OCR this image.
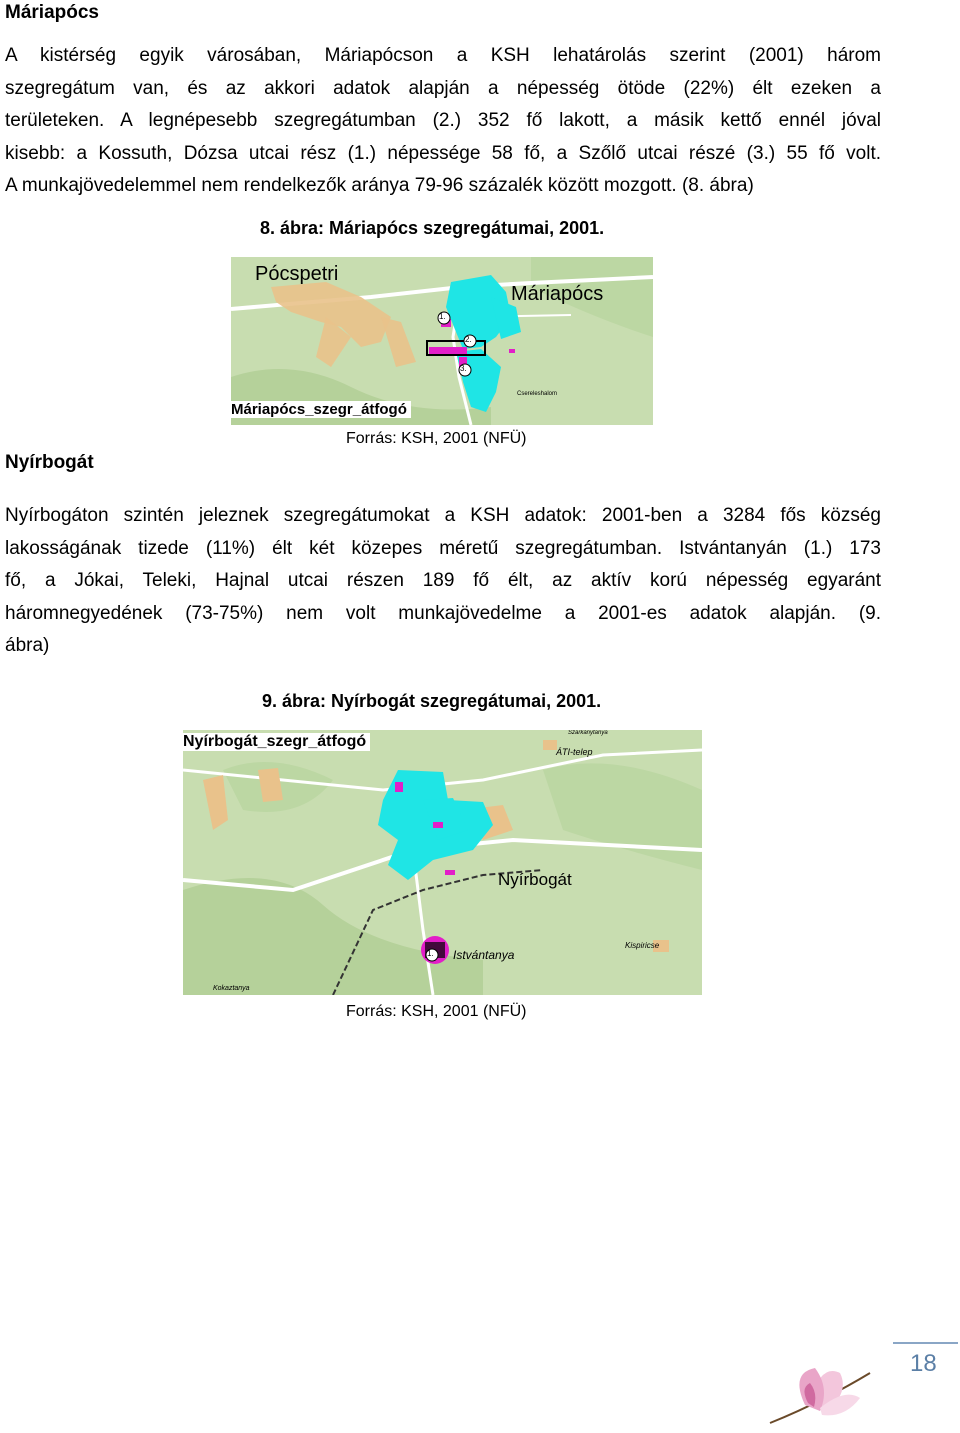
Máriapócs
A kistérség egyik városában, Máriapócson a KSH lehatárolás szerint (2001) három
szegregátum van, és az akkori adatok alapján a népesség ötöde (22%) élt ezeken a
területeken. A legnépesebb szegregátumban (2.) 352 fő lakott, a másik kettő ennél jóval
kisebb: a Kossuth, Dózsa utcai rész (1.) népessége 58 fő, a Szőlő utcai részé (3.) 55 fő volt.
A munkajövedelemmel nem rendelkezők aránya 79-96 százalék között mozgott. (8. ábra)
8. ábra: Máriapócs szegregátumai, 2001.
Pócspetri
Máriapócs
1.
2.
3.
Csereleshalom
Máriapócs_szegr_átfogó
Nyírbogát
Forrás: KSH, 2001 (NFÜ)
Nyírbogáton szintén jeleznek szegregátumokat a KSH adatok: 2001-ben a 3284 fős község
lakosságának tizede (11%) élt két közepes méretű szegregátumban. Istvántanyán (1.) 173
fő, a Jókai, Teleki, Hajnal utcai részen 189 fő élt, az aktív korú népesség egyaránt
háromnegyedének (73-75%) nem volt munkajövedelme a 2001-es adatok alapján. (9.
ábra)
9. ábra: Nyírbogát szegregátumai, 2001.
ÁTI-telep
Szárkánytanya
Nyírbogát
Istvántanya
1.
Kispiricse
Kokaztanya
Nyírbogát_szegr_átfogó
Forrás: KSH, 2001 (NFÜ)
18
